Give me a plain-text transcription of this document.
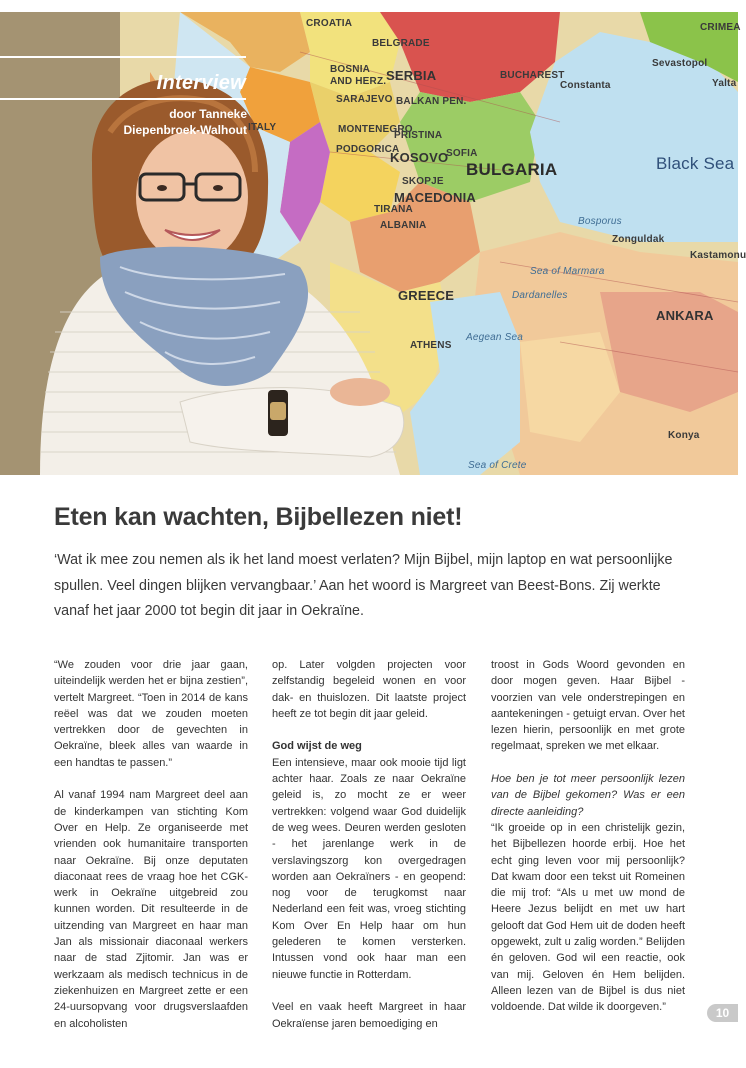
CROATIA
BELGRADE
BOSNIA
AND HERZ. SERBIA
SARAJEVO
BUCHAREST
BALKAN PEN.
MONTENEGRO
PRISTINA
PODGORICA
KOSOVO
SOFIA
BULGARIA
SKOPJE
MACEDONIA
TIRANA
ALBANIA
GREECE
ATHENS
ITALY
Black Sea
Bosporus
Sea of Marmara
Dardanelles
Aegean Sea
Sea of Crete
ANKARA
CRIMEA
Sevastopol
Yalta
Constanta
Konya
Kastamonu
Zonguldak
Interview
door Tanneke
Diepenbroek-Walhout
Eten kan wachten, Bijbellezen niet!

‘Wat ik mee zou nemen als ik het land moest verlaten? Mijn Bijbel, mijn laptop en wat persoonlijke spullen. Veel dingen blijken vervangbaar.’ Aan het woord is Margreet van Beest-Bons. Zij werkte vanaf het jaar 2000 tot begin dit jaar in Oekraïne.

“We zouden voor drie jaar gaan, uiteindelijk werden het er bijna zestien”, vertelt Margreet. “Toen in 2014 de kans reëel was dat we zouden moeten vertrekken door de gevechten in Oekraïne, bleek alles van waarde in een handtas te passen.”

Al vanaf 1994 nam Margreet deel aan de kinderkampen van stichting Kom Over en Help. Ze organiseerde met vrienden ook humanitaire transporten naar Oekraïne. Bij onze deputaten diaconaat rees de vraag hoe het CGK-werk in Oekraïne uitgebreid zou kunnen worden. Dit resulteerde in de uitzending van Margreet en haar man Jan als missionair diaconaal werkers naar de stad Zjitomir. Jan was er werkzaam als medisch technicus in de ziekenhuizen en Margreet zette er een 24-uursopvang voor drugsverslaafden en alcoholisten

op. Later volgden projecten voor zelfstandig begeleid wonen en voor dak- en thuislozen. Dit laatste project heeft ze tot begin dit jaar geleid.

God wijst de weg

Een intensieve, maar ook mooie tijd ligt achter haar. Zoals ze naar Oekraïne geleid is, zo mocht ze er weer vertrekken: volgend waar God duidelijk de weg wees. Deuren werden gesloten - het jarenlange werk in de verslavingszorg kon overgedragen worden aan Oekraïners - en geopend: nog voor de terugkomst naar Nederland een feit was, vroeg stichting Kom Over En Help haar om hun gelederen te komen versterken. Intussen vond ook haar man een nieuwe functie in Rotterdam.

Veel en vaak heeft Margreet in haar Oekraïense jaren bemoediging en

troost in Gods Woord gevonden en door mogen geven. Haar Bijbel - voorzien van vele onderstrepingen en aantekeningen - getuigt ervan. Over het lezen hierin, persoonlijk en met grote regelmaat, spreken we met elkaar.

Hoe ben je tot meer persoonlijk lezen van de Bijbel gekomen? Was er een directe aanleiding?

“Ik groeide op in een christelijk gezin, het Bijbellezen hoorde erbij. Hoe het echt ging leven voor mij persoonlijk? Dat kwam door een tekst uit Romeinen die mij trof: “Als u met uw mond de Heere Jezus belijdt en met uw hart gelooft dat God Hem uit de doden heeft opgewekt, zult u zalig worden.” Belijden én geloven. God wil een reactie, ook van mij. Geloven én Hem belijden. Alleen lezen van de Bijbel is dus niet voldoende. Dat wilde ik doorgeven.”	10
